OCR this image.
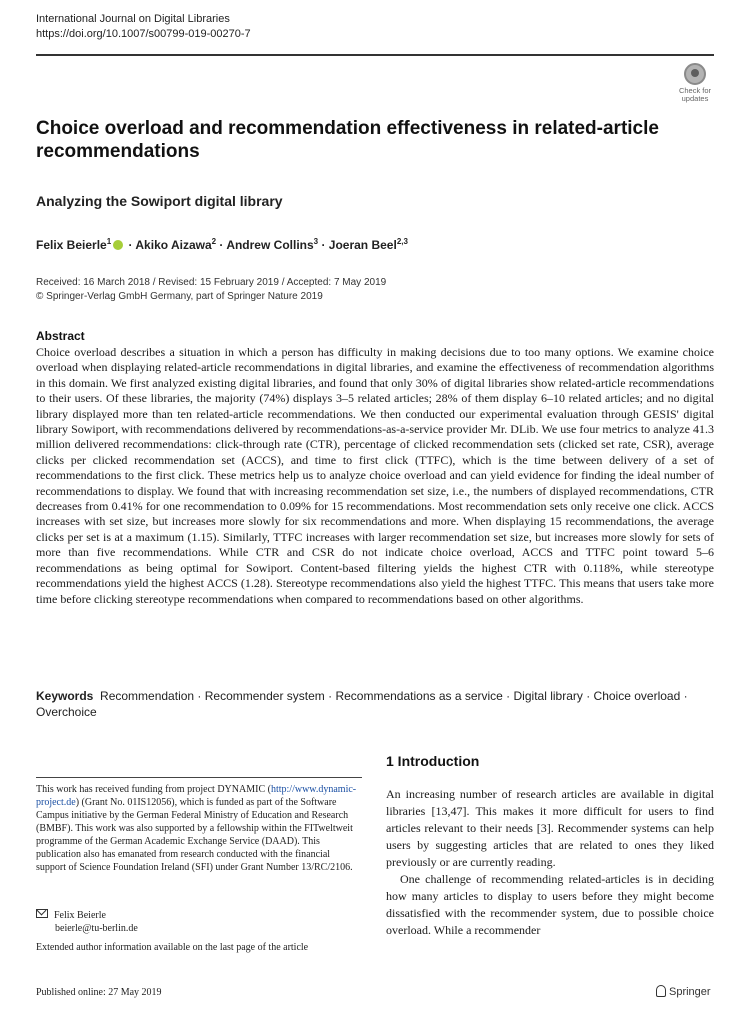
International Journal on Digital Libraries
https://doi.org/10.1007/s00799-019-00270-7
Check for
updates
Choice overload and recommendation effectiveness in related-article recommendations
Analyzing the Sowiport digital library
Felix Beierle$^1$ · Akiko Aizawa$^2$ · Andrew Collins$^3$ · Joeran Beel$^{2,3}$
Received: 16 March 2018 / Revised: 15 February 2019 / Accepted: 7 May 2019
© Springer-Verlag GmbH Germany, part of Springer Nature 2019
Abstract
Choice overload describes a situation in which a person has difficulty in making decisions due to too many options. We examine choice overload when displaying related-article recommendations in digital libraries, and examine the effectiveness of recommendation algorithms in this domain. We first analyzed existing digital libraries, and found that only 30% of digital libraries show related-article recommendations to their users. Of these libraries, the majority (74%) displays 3–5 related articles; 28% of them display 6–10 related articles; and no digital library displayed more than ten related-article recommendations. We then conducted our experimental evaluation through GESIS' digital library Sowiport, with recommendations delivered by recommendations-as-a-service provider Mr. DLib. We use four metrics to analyze 41.3 million delivered recommendations: click-through rate (CTR), percentage of clicked recommendation sets (clicked set rate, CSR), average clicks per clicked recommendation set (ACCS), and time to first click (TTFC), which is the time between delivery of a set of recommendations to the first click. These metrics help us to analyze choice overload and can yield evidence for finding the ideal number of recommendations to display. We found that with increasing recommendation set size, i.e., the numbers of displayed recommendations, CTR decreases from 0.41% for one recommendation to 0.09% for 15 recommendations. Most recommendation sets only receive one click. ACCS increases with set size, but increases more slowly for six recommendations and more. When displaying 15 recommendations, the average clicks per set is at a maximum (1.15). Similarly, TTFC increases with larger recommendation set size, but increases more slowly for sets of more than five recommendations. While CTR and CSR do not indicate choice overload, ACCS and TTFC point toward 5–6 recommendations as being optimal for Sowiport. Content-based filtering yields the highest CTR with 0.118%, while stereotype recommendations yield the highest ACCS (1.28). Stereotype recommendations also yield the highest TTFC. This means that users take more time before clicking stereotype recommendations when compared to recommendations based on other algorithms.
Keywords Recommendation · Recommender system · Recommendations as a service · Digital library · Choice overload · Overchoice
This work has received funding from project DYNAMIC (http://www.dynamic-project.de) (Grant No. 01IS12056), which is funded as part of the Software Campus initiative by the German Federal Ministry of Education and Research (BMBF). This work was also supported by a fellowship within the FITweltweit programme of the German Academic Exchange Service (DAAD). This publication also has emanated from research conducted with the financial support of Science Foundation Ireland (SFI) under Grant Number 13/RC/2106.
Felix Beierle
beierle@tu-berlin.de
Extended author information available on the last page of the article
1 Introduction
An increasing number of research articles are available in digital libraries [13,47]. This makes it more difficult for users to find articles relevant to their needs [3]. Recommender systems can help users by suggesting articles that are related to ones they liked previously or are currently reading.
One challenge of recommending related-articles is in deciding how many articles to display to users before they might become dissatisfied with the recommender system, due to possible choice overload. While a recommender
Published online: 27 May 2019	Springer
